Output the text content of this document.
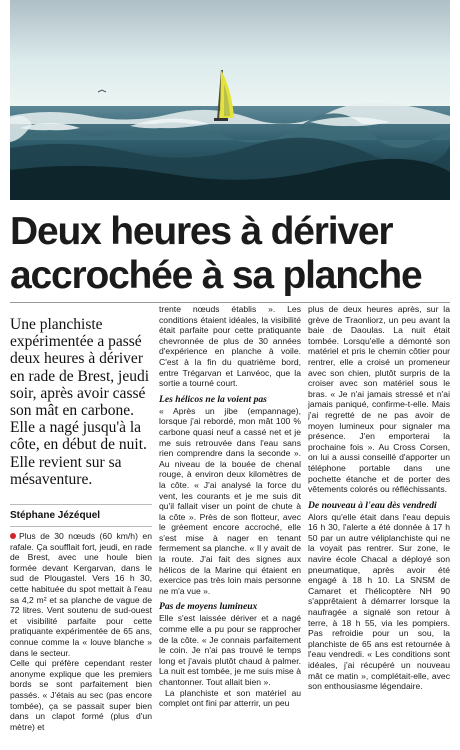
Deux heures à dériver
accrochée à sa planche

Une planchiste expérimentée a passé deux heures à dériver en rade de Brest, jeudi soir, après avoir cassé son mât en carbone. Elle a nagé jusqu'à la côte, en début de nuit. Elle revient sur sa mésaventure.

Stéphane Jézéquel

Plus de 30 nœuds (60 km/h) en rafale. Ça soufflait fort, jeudi, en rade de Brest, avec une houle bien formée devant Kergarvan, dans le sud de Plougastel. Vers 16 h 30, cette habituée du spot mettait à l'eau sa 4,2 m² et sa planche de vague de 72 litres. Vent soutenu de sud-ouest et visibilité parfaite pour cette pratiquante expérimentée de 65 ans, connue comme la « louve blanche » dans le secteur.

Celle qui préfère cependant rester anonyme explique que les premiers bords se sont parfaitement bien passés. « J'étais au sec (pas encore tombée), ça se passait super bien dans un clapot formé (plus d'un mètre) et

trente nœuds établis ». Les conditions étaient idéales, la visibilité était parfaite pour cette pratiquante chevronnée de plus de 30 années d'expérience en planche à voile. C'est à la fin du quatrième bord, entre Trégarvan et Lanvéoc, que la sortie a tourné court.

Les hélicos ne la voient pas

« Après un jibe (empannage), lorsque j'ai rebordé, mon mât 100 % carbone quasi neuf a cassé net et je me suis retrouvée dans l'eau sans rien comprendre dans la seconde ». Au niveau de la bouée de chenal rouge, à environ deux kilomètres de la côte. « J'ai analysé la force du vent, les courants et je me suis dit qu'il fallait viser un point de chute à la côte ». Près de son flotteur, avec le gréement encore accroché, elle s'est mise à nager en tenant fermement sa planche. « Il y avait de la route. J'ai fait des signes aux hélicos de la Marine qui étaient en exercice pas très loin mais personne ne m'a vue ».

Pas de moyens lumineux

Elle s'est laissée dériver et a nagé comme elle a pu pour se rapprocher de la côte. « Je connais parfaitement le coin. Je n'ai pas trouvé le temps long et j'avais plutôt chaud à palmer. La nuit est tombée, je me suis mise à chantonner. Tout allait bien ».

La planchiste et son matériel au complet ont fini par atterrir, un peu

plus de deux heures après, sur la grève de Traonliorz, un peu avant la baie de Daoulas. La nuit était tombée. Lorsqu'elle a démonté son matériel et pris le chemin côtier pour rentrer, elle a croisé un promeneur avec son chien, plutôt surpris de la croiser avec son matériel sous le bras. « Je n'ai jamais stressé et n'ai jamais paniqué, confirme-t-elle. Mais j'ai regretté de ne pas avoir de moyen lumineux pour signaler ma présence. J'en emporterai la prochaine fois ». Au Cross Corsen, on lui a aussi conseillé d'apporter un téléphone portable dans une pochette étanche et de porter des vêtements colorés ou réfléchissants.

De nouveau à l'eau dès vendredi

Alors qu'elle était dans l'eau depuis 16 h 30, l'alerte a été donnée à 17 h 50 par un autre véliplanchiste qui ne la voyait pas rentrer. Sur zone, le navire école Chacal a déployé son pneumatique, après avoir été engagé à 18 h 10. La SNSM de Camaret et l'hélicoptère NH 90 s'apprêtaient à démarrer lorsque la naufragée a signalé son retour à terre, à 18 h 55, via les pompiers. Pas refroidie pour un sou, la planchiste de 65 ans est retournée à l'eau vendredi. « Les conditions sont idéales, j'ai récupéré un nouveau mât ce matin », complétait-elle, avec son enthousiasme légendaire.
